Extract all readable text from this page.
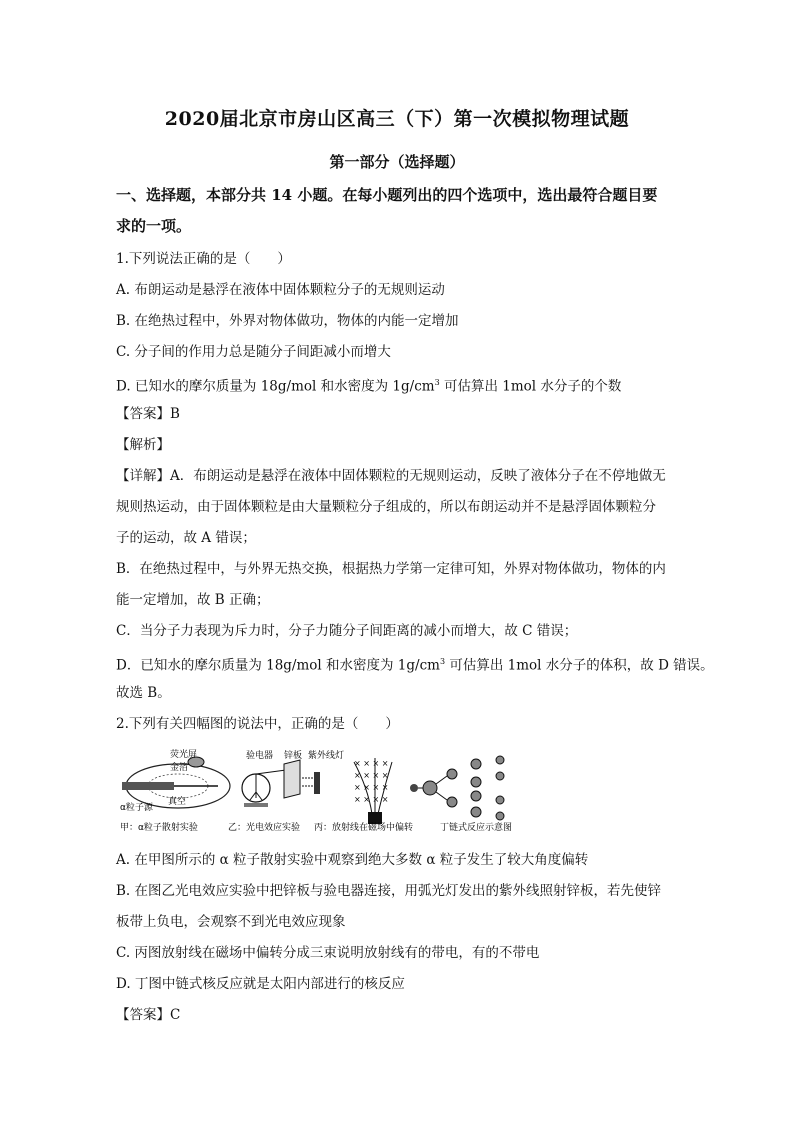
2020届北京市房山区高三（下）第一次模拟物理试题
第一部分（选择题）
一、选择题，本部分共 14 小题。在每小题列出的四个选项中，选出最符合题目要
求的一项。
1.下列说法正确的是（　　）
A. 布朗运动是悬浮在液体中固体颗粒分子的无规则运动
B. 在绝热过程中，外界对物体做功，物体的内能一定增加
C. 分子间的作用力总是随分子间距减小而增大
D. 已知水的摩尔质量为 18g/mol 和水密度为 $1g/cm^3$ 可估算出 1mol 水分子的个数
【答案】B
【解析】
【详解】A．布朗运动是悬浮在液体中固体颗粒的无规则运动，反映了液体分子在不停地做无
规则热运动，由于固体颗粒是由大量颗粒分子组成的，所以布朗运动并不是悬浮固体颗粒分
子的运动，故 A 错误；
B．在绝热过程中，与外界无热交换，根据热力学第一定律可知，外界对物体做功，物体的内
能一定增加，故 B 正确；
C．当分子力表现为斥力时，分子力随分子间距离的减小而增大，故 C 错误；
D．已知水的摩尔质量为 18g/mol 和水密度为 $1g/cm^3$ 可估算出 1mol 水分子的体积，故 D 错误。
故选 B。
2.下列有关四幅图的说法中，正确的是（　　）
荧光屏
金箔
真空
α粒子源
验电器 锌板 紫外线灯
× × × ×
× × × ×
× × × ×
× × × ×
甲：α粒子散射实验	乙：光电效应实验 丙：放射线在磁场中偏转	丁链式反应示意图
A. 在甲图所示的 α 粒子散射实验中观察到绝大多数 α 粒子发生了较大角度偏转
B. 在图乙光电效应实验中把锌板与验电器连接，用弧光灯发出的紫外线照射锌板，若先使锌
板带上负电，会观察不到光电效应现象
C. 丙图放射线在磁场中偏转分成三束说明放射线有的带电，有的不带电
D. 丁图中链式核反应就是太阳内部进行的核反应
【答案】C
